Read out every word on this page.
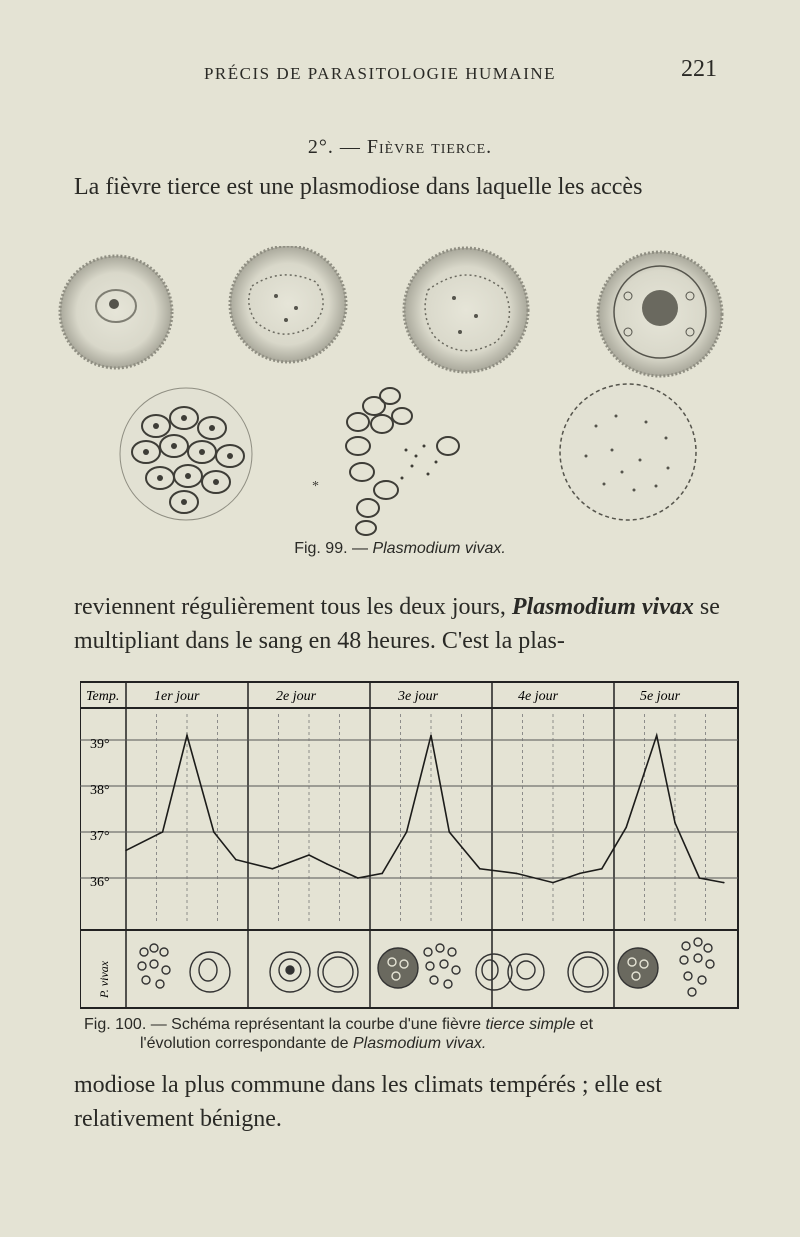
PRÉCIS DE PARASITOLOGIE HUMAINE	221
2°. — Fièvre tierce.
La fièvre tierce est une plasmodiose dans laquelle les accès
*
Fig. 99. — Plasmodium vivax.
reviennent régulièrement tous les deux jours, Plasmodium vivax se multipliant dans le sang en 48 heures. C'est la plas-
Temp. 1er jour	2e jour	3e jour	4e jour	5e jour
39°
38°
37°
36°
P. vivax
Fig. 100. — Schéma représentant la courbe d'une fièvre tierce simple et
l'évolution correspondante de Plasmodium vivax.
modiose la plus commune dans les climats tempérés ; elle est relativement bénigne.
